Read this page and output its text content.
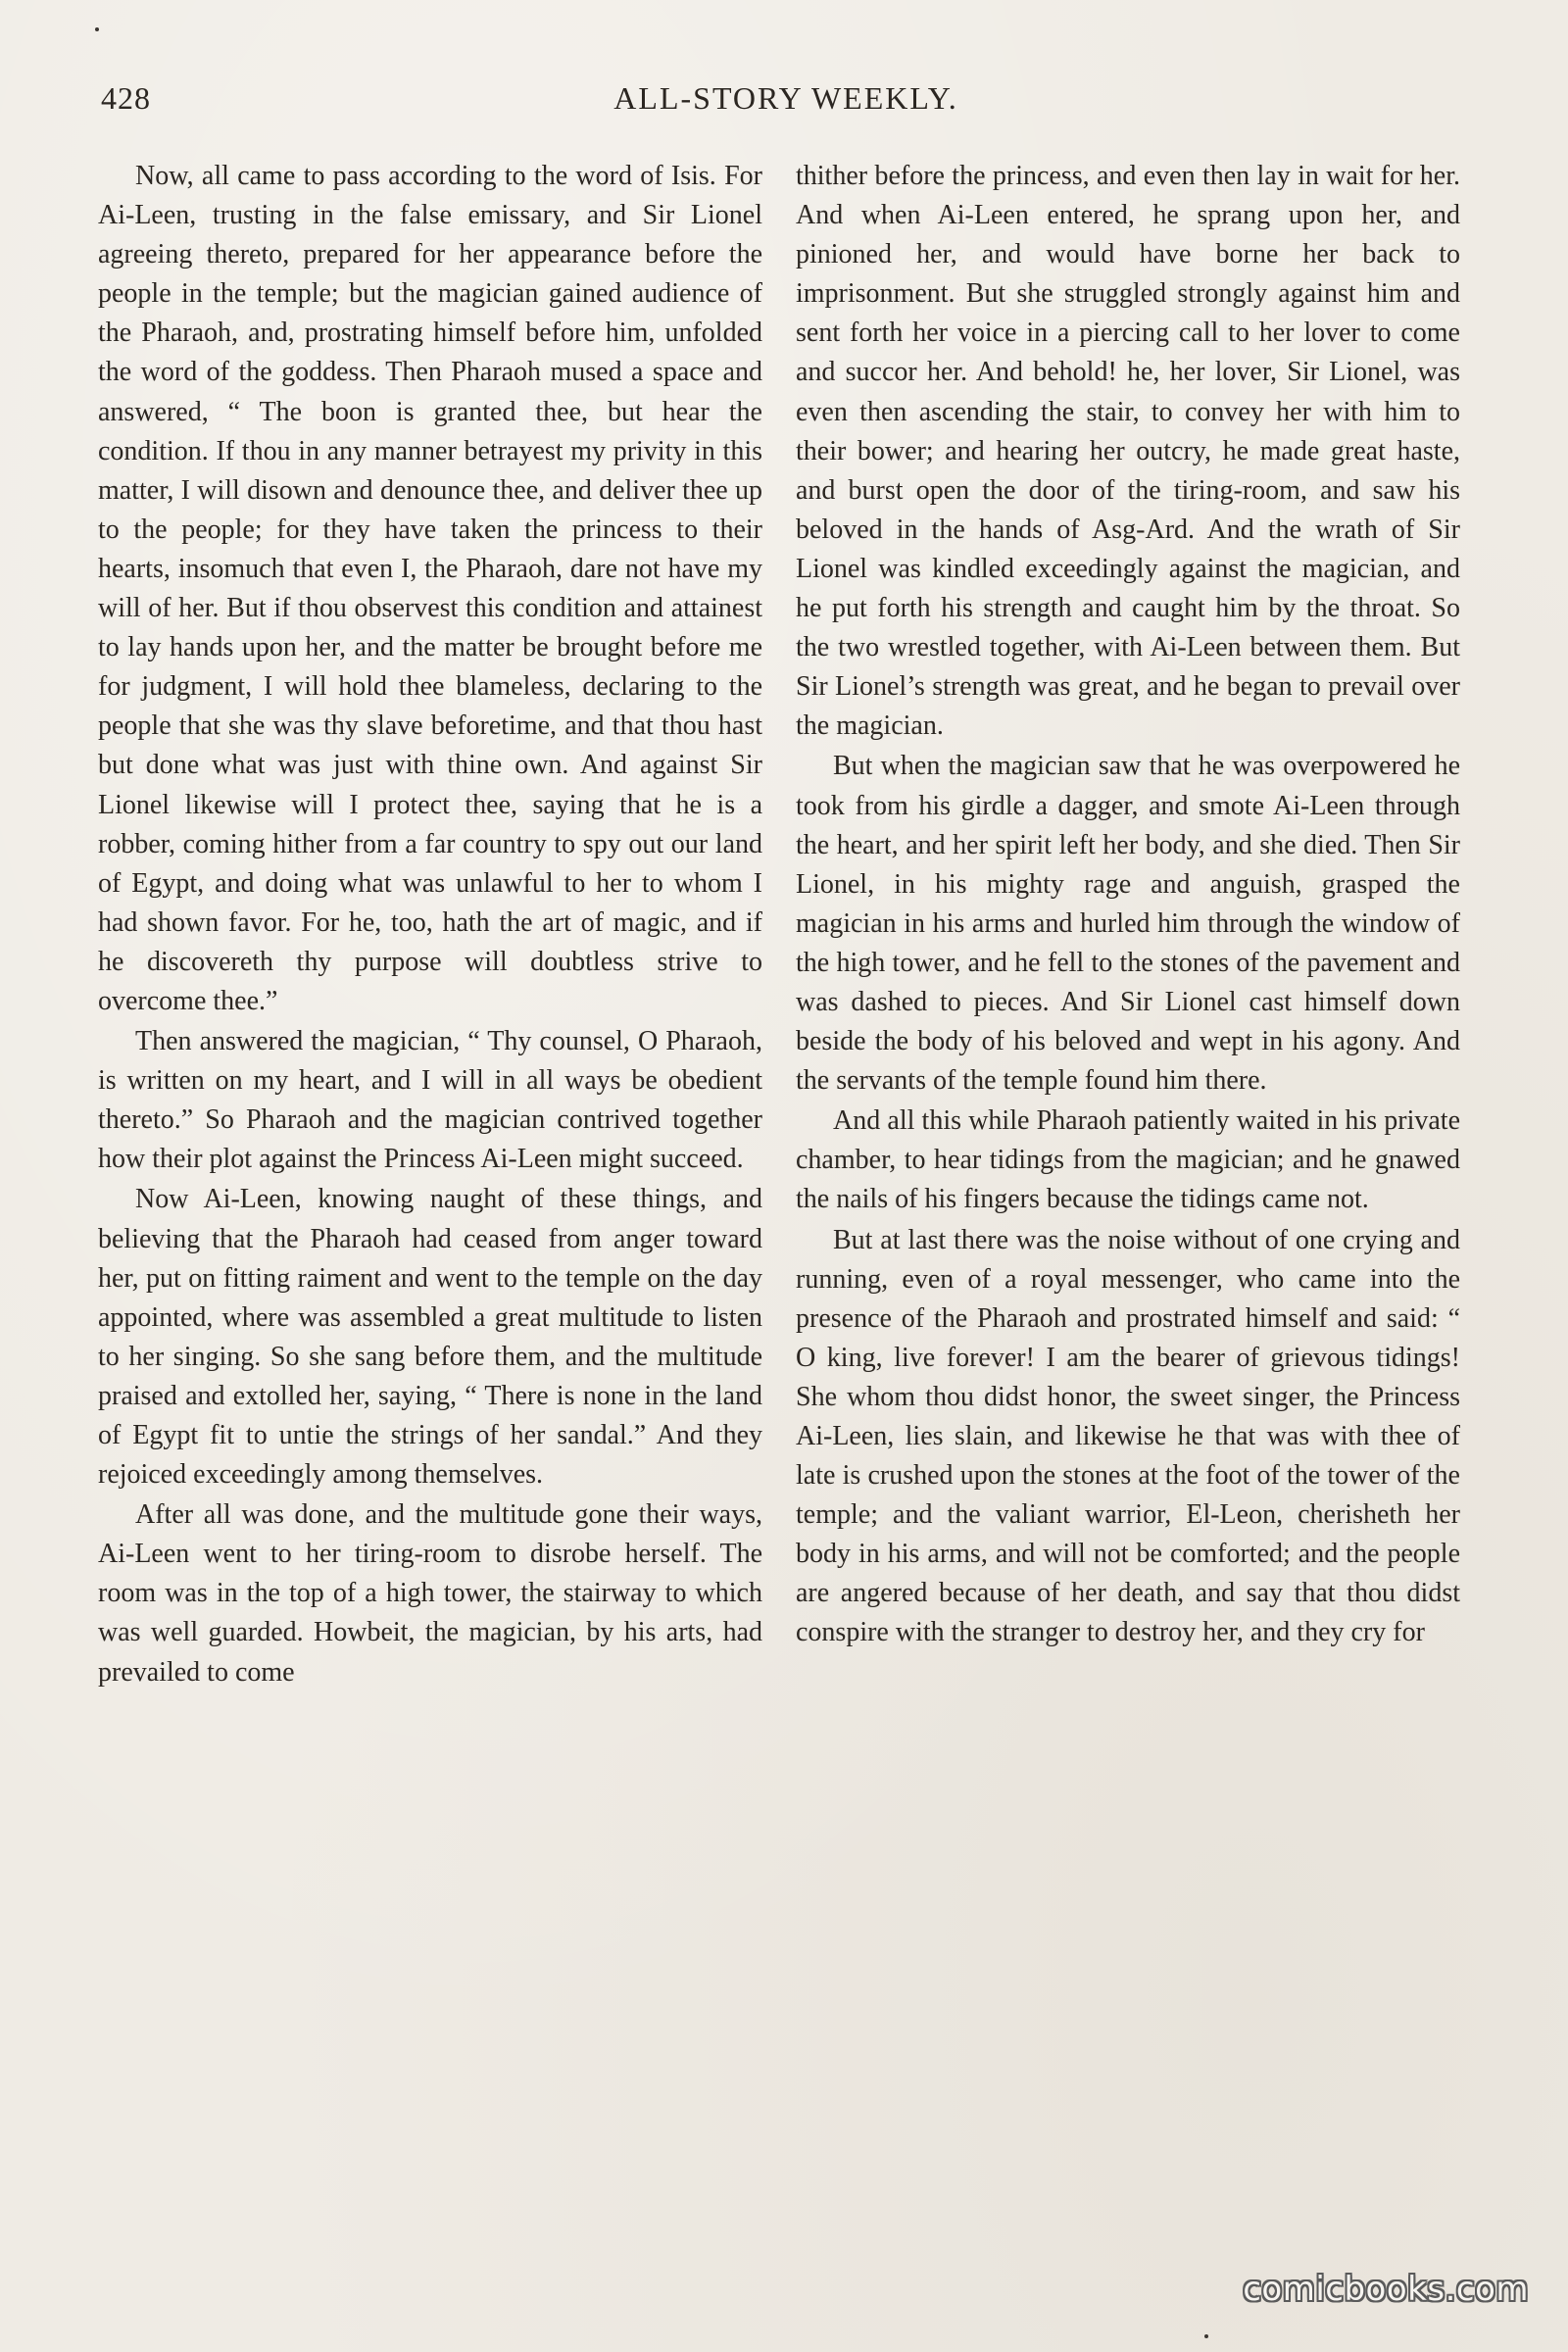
428	ALL-STORY WEEKLY.

Now, all came to pass according to the word of Isis. For Ai-Leen, trusting in the false emissary, and Sir Lionel agreeing thereto, prepared for her appearance before the people in the temple; but the magician gained audience of the Pharaoh, and, prostrating himself before him, unfolded the word of the goddess. Then Pharaoh mused a space and answered, “ The boon is granted thee, but hear the condition. If thou in any manner betrayest my privity in this matter, I will disown and denounce thee, and deliver thee up to the people; for they have taken the princess to their hearts, insomuch that even I, the Pharaoh, dare not have my will of her. But if thou observest this condition and attainest to lay hands upon her, and the matter be brought before me for judgment, I will hold thee blameless, declaring to the people that she was thy slave beforetime, and that thou hast but done what was just with thine own. And against Sir Lionel likewise will I protect thee, saying that he is a robber, coming hither from a far country to spy out our land of Egypt, and doing what was unlawful to her to whom I had shown favor. For he, too, hath the art of magic, and if he discovereth thy purpose will doubtless strive to overcome thee.”

Then answered the magician, “ Thy counsel, O Pharaoh, is written on my heart, and I will in all ways be obedient thereto.” So Pharaoh and the magician contrived together how their plot against the Princess Ai-Leen might succeed.

Now Ai-Leen, knowing naught of these things, and believing that the Pharaoh had ceased from anger toward her, put on fitting raiment and went to the temple on the day appointed, where was assembled a great multitude to listen to her singing. So she sang before them, and the multitude praised and extolled her, saying, “ There is none in the land of Egypt fit to untie the strings of her sandal.” And they rejoiced exceedingly among themselves.

After all was done, and the multitude gone their ways, Ai-Leen went to her tiring-room to disrobe herself. The room was in the top of a high tower, the stairway to which was well guarded. Howbeit, the magician, by his arts, had prevailed to come

thither before the princess, and even then lay in wait for her. And when Ai-Leen entered, he sprang upon her, and pinioned her, and would have borne her back to imprisonment. But she struggled strongly against him and sent forth her voice in a piercing call to her lover to come and succor her. And behold! he, her lover, Sir Lionel, was even then ascending the stair, to convey her with him to their bower; and hearing her outcry, he made great haste, and burst open the door of the tiring-room, and saw his beloved in the hands of Asg-Ard. And the wrath of Sir Lionel was kindled exceedingly against the magician, and he put forth his strength and caught him by the throat. So the two wrestled together, with Ai-Leen between them. But Sir Lionel’s strength was great, and he began to prevail over the magician.

But when the magician saw that he was overpowered he took from his girdle a dagger, and smote Ai-Leen through the heart, and her spirit left her body, and she died. Then Sir Lionel, in his mighty rage and anguish, grasped the magician in his arms and hurled him through the window of the high tower, and he fell to the stones of the pavement and was dashed to pieces. And Sir Lionel cast himself down beside the body of his beloved and wept in his agony. And the servants of the temple found him there.

And all this while Pharaoh patiently waited in his private chamber, to hear tidings from the magician; and he gnawed the nails of his fingers because the tidings came not.

But at last there was the noise without of one crying and running, even of a royal messenger, who came into the presence of the Pharaoh and prostrated himself and said: “ O king, live forever! I am the bearer of grievous tidings! She whom thou didst honor, the sweet singer, the Princess Ai-Leen, lies slain, and likewise he that was with thee of late is crushed upon the stones at the foot of the tower of the temple; and the valiant warrior, El-Leon, cherisheth her body in his arms, and will not be comforted; and the people are angered because of her death, and say that thou didst conspire with the stranger to destroy her, and they cry for

comicbooks.com
